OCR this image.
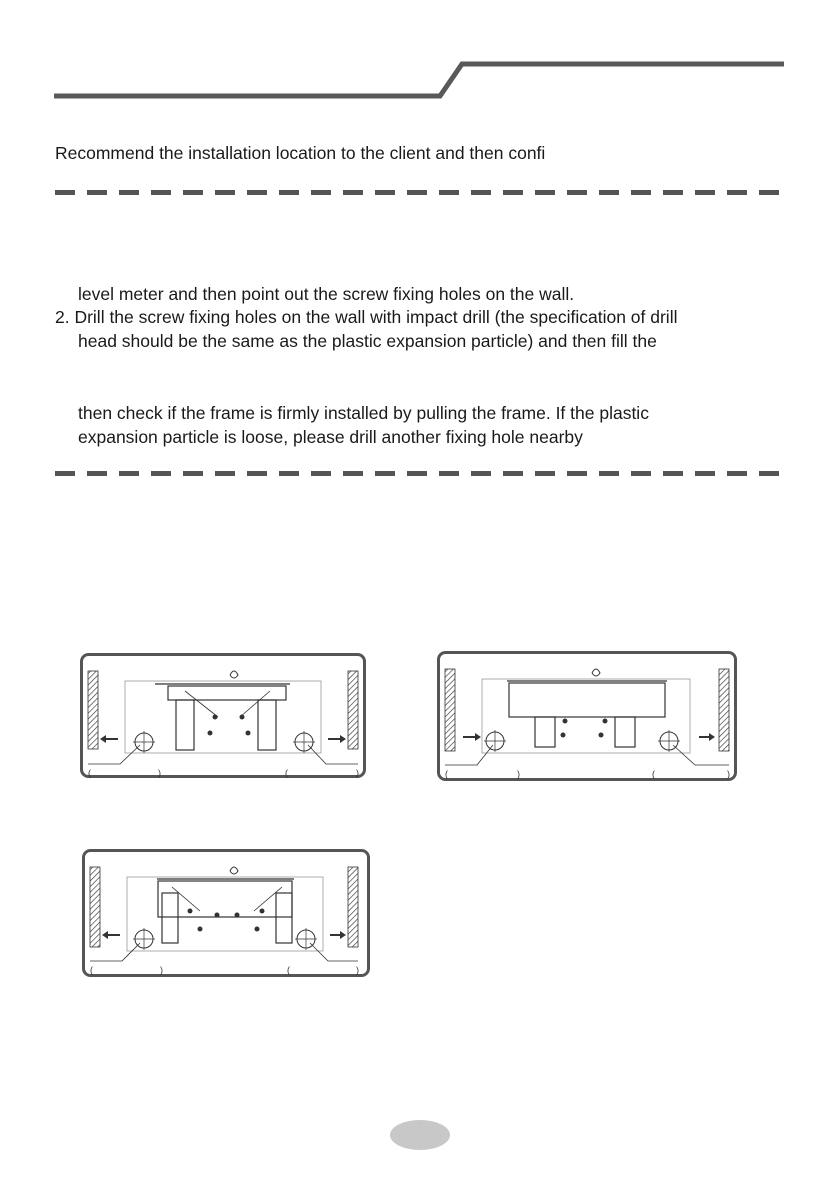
Recommend the installation location to the client and then confi
level meter and then point out the screw fixing holes on the wall.
2. Drill the screw fixing holes on the wall with impact drill (the specification of drill
head should be the same as the plastic expansion particle) and then fill the
then check if the frame is firmly installed by pulling the frame. If the plastic
expansion particle is loose, please drill another fixing hole nearby
(	)	(	)	(	)	(	)
(	)	(	)
